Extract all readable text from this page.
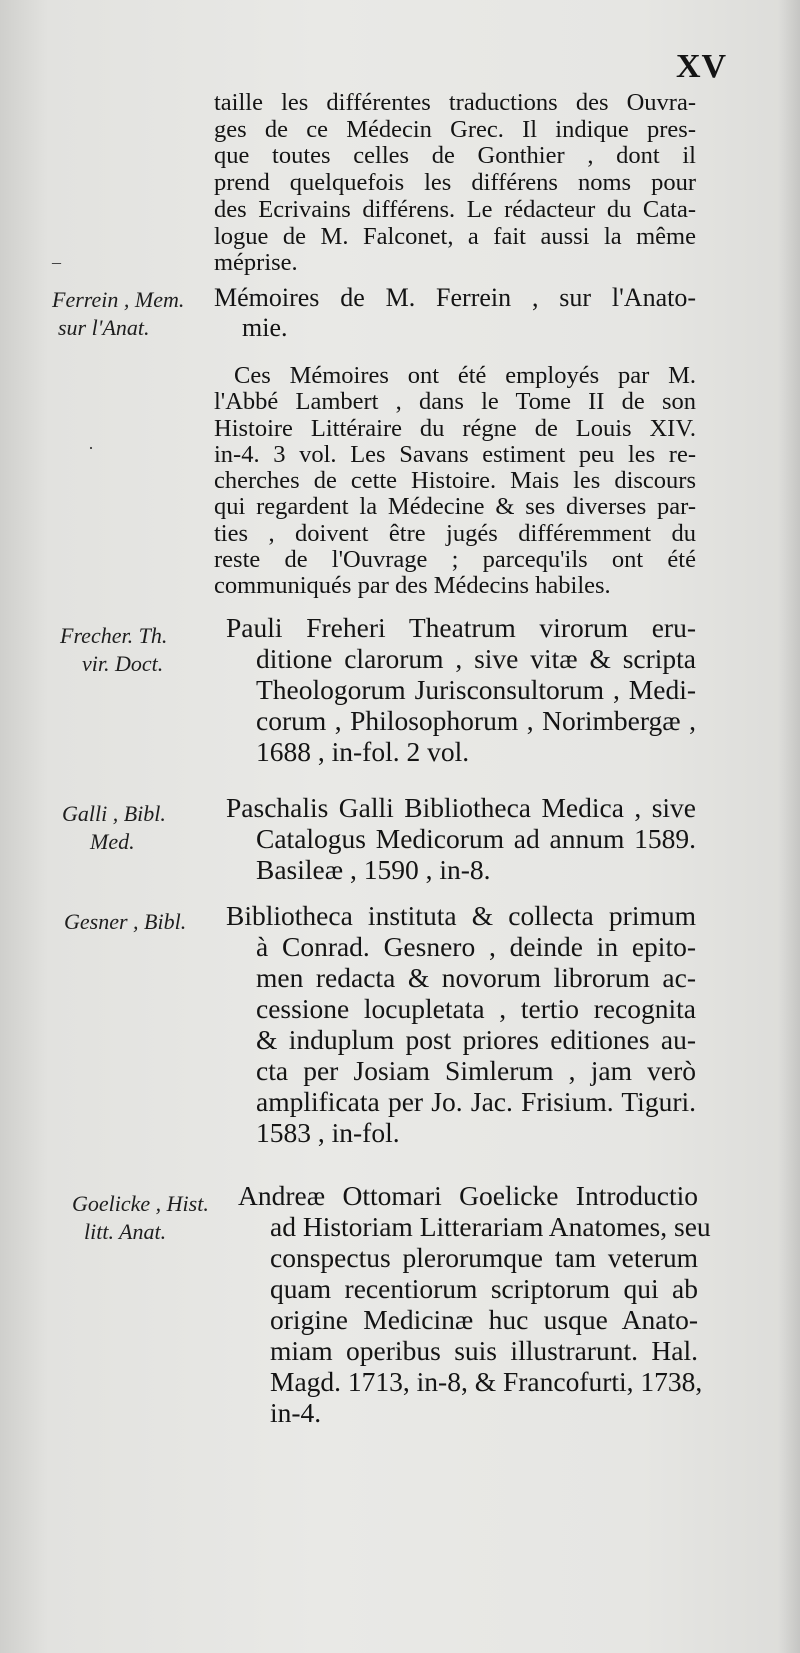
XV
taille les différentes traductions des Ouvra-
ges de ce Médecin Grec. Il indique pres-
que toutes celles de Gonthier , dont il
prend quelquefois les différens noms pour
des Ecrivains différens. Le rédacteur du Cata-
logue de M. Falconet, a fait aussi la même
méprise.
–
Ferrein , Mem.
sur l'Anat.
Mémoires de M. Ferrein , sur l'Anato-
mie.
Ces Mémoires ont été employés par M.
l'Abbé Lambert , dans le Tome II de son
Histoire Littéraire du régne de Louis XIV.
in-4. 3 vol. Les Savans estiment peu les re-
cherches de cette Histoire. Mais les discours
qui regardent la Médecine & ses diverses par-
ties , doivent être jugés différemment du
reste de l'Ouvrage ; parcequ'ils ont été
communiqués par des Médecins habiles.
·
Frecher. Th.
vir. Doct.
Pauli Freheri Theatrum virorum eru-
ditione clarorum , sive vitæ & scripta
Theologorum Jurisconsultorum , Medi-
corum , Philosophorum , Norimbergæ ,
1688 , in-fol. 2 vol.
Galli , Bibl.
Med.
Paschalis Galli Bibliotheca Medica , sive
Catalogus Medicorum ad annum 1589.
Basileæ , 1590 , in-8.
Gesner , Bibl. Bibliotheca instituta & collecta primum
à Conrad. Gesnero , deinde in epito-
men redacta & novorum librorum ac-
cessione locupletata , tertio recognita
& induplum post priores editiones au-
cta per Josiam Simlerum , jam verò
amplificata per Jo. Jac. Frisium. Tiguri.
1583 , in-fol.
Goelicke , Hist.
litt. Anat.
Andreæ Ottomari Goelicke Introductio
ad Historiam Litterariam Anatomes, seu
conspectus plerorumque tam veterum
quam recentiorum scriptorum qui ab
origine Medicinæ huc usque Anato-
miam operibus suis illustrarunt. Hal.
Magd. 1713, in-8, & Francofurti, 1738,
in-4.
